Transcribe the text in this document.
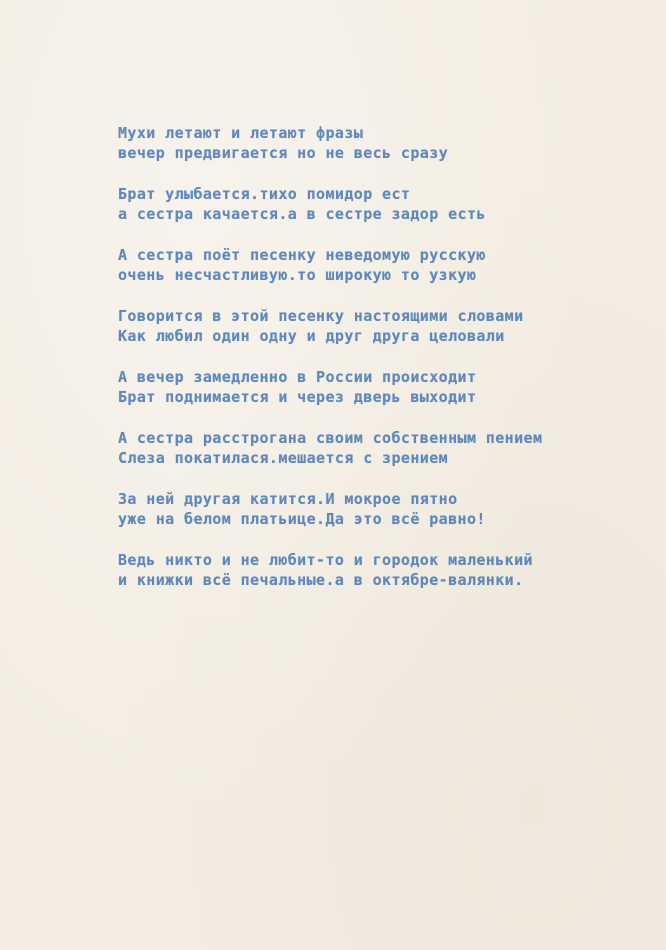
Мухи летают и летают фразы
вечер предвигается но не весь сразу
Брат улыбается.тихо помидор ест
а сестра качается.а в сестре задор есть
А сестра поёт песенку неведомую русскую
очень несчастливую.то широкую то узкую
Говорится в этой песенку настоящими словами
Как любил один одну и друг друга целовали
А вечер замедленно в России происходит
Брат поднимается и через дверь выходит
А сестра расстрогана своим собственным пением
Слеза покатилася.мешается с зрением
За ней другая катится.И мокрое пятно
уже на белом платьице.Да это всё равно!
Ведь никто и не любит-то и городок маленький
и книжки всё печальные.а в октябре-валянки.
